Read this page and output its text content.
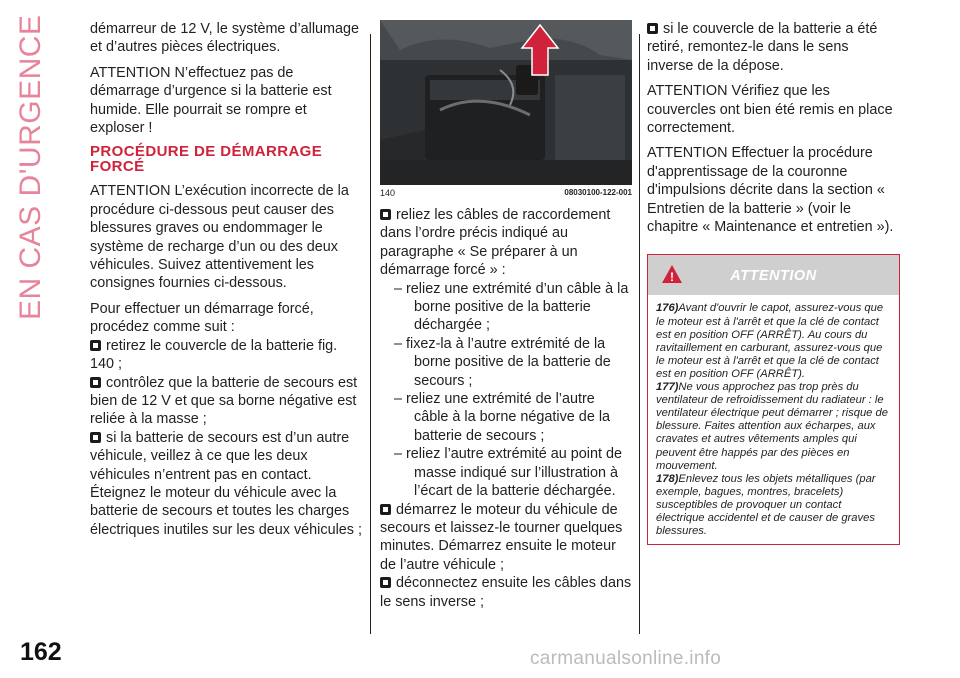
EN CAS D'URGENCE	démarreur de 12 V, le système d’allumage et d’autres pièces électriques.

ATTENTION N’effectuez pas de démarrage d’urgence si la batterie est humide. Elle pourrait se rompre et exploser !

PROCÉDURE DE DÉMARRAGE FORCÉ

ATTENTION L’exécution incorrecte de la procédure ci-dessous peut causer des blessures graves ou endommager le système de recharge d’un ou des deux véhicules. Suivez attentivement les consignes fournies ci-dessous.

Pour effectuer un démarrage forcé, procédez comme suit :

retirez le couvercle de la batterie fig. 140 ;
contrôlez que la batterie de secours est bien de 12 V et que sa borne négative est reliée à la masse ;
si la batterie de secours est d’un autre véhicule, veillez à ce que les deux véhicules n’entrent pas en contact. Éteignez le moteur du véhicule avec la batterie de secours et toutes les charges électriques inutiles sur les deux véhicules ;
140	08030100-122-001
reliez les câbles de raccordement dans l’ordre précis indiqué au paragraphe « Se préparer à un démarrage forcé » :

– reliez une extrémité d’un câble à la borne positive de la batterie déchargée ;

– fixez-la à l’autre extrémité de la borne positive de la batterie de secours ;

– reliez une extrémité de l’autre câble à la borne négative de la batterie de secours ;

– reliez l’autre extrémité au point de masse indiqué sur l’illustration à l’écart de la batterie déchargée.

démarrez le moteur du véhicule de secours et laissez-le tourner quelques minutes. Démarrez ensuite le moteur de l’autre véhicule ;
déconnectez ensuite les câbles dans le sens inverse ;

si le couvercle de la batterie a été retiré, remontez-le dans le sens inverse de la dépose.

ATTENTION Vérifiez que les couvercles ont bien été remis en place correctement.

ATTENTION Effectuer la procédure d'apprentissage de la couronne d'impulsions décrite dans la section « Entretien de la batterie » (voir le chapitre « Maintenance et entretien »).

!	ATTENTION
176)Avant d'ouvrir le capot, assurez-vous que le moteur est à l'arrêt et que la clé de contact est en position OFF (ARRÊT). Au cours du ravitaillement en carburant, assurez-vous que le moteur est à l'arrêt et que la clé de contact est en position OFF (ARRÊT).
177)Ne vous approchez pas trop près du ventilateur de refroidissement du radiateur : le ventilateur électrique peut démarrer ; risque de blessure. Faites attention aux écharpes, aux cravates et autres vêtements amples qui peuvent être happés par des pièces en mouvement.
178)Enlevez tous les objets métalliques (par exemple, bagues, montres, bracelets) susceptibles de provoquer un contact électrique accidentel et de causer de graves blessures.
162	carmanualsonline.info
